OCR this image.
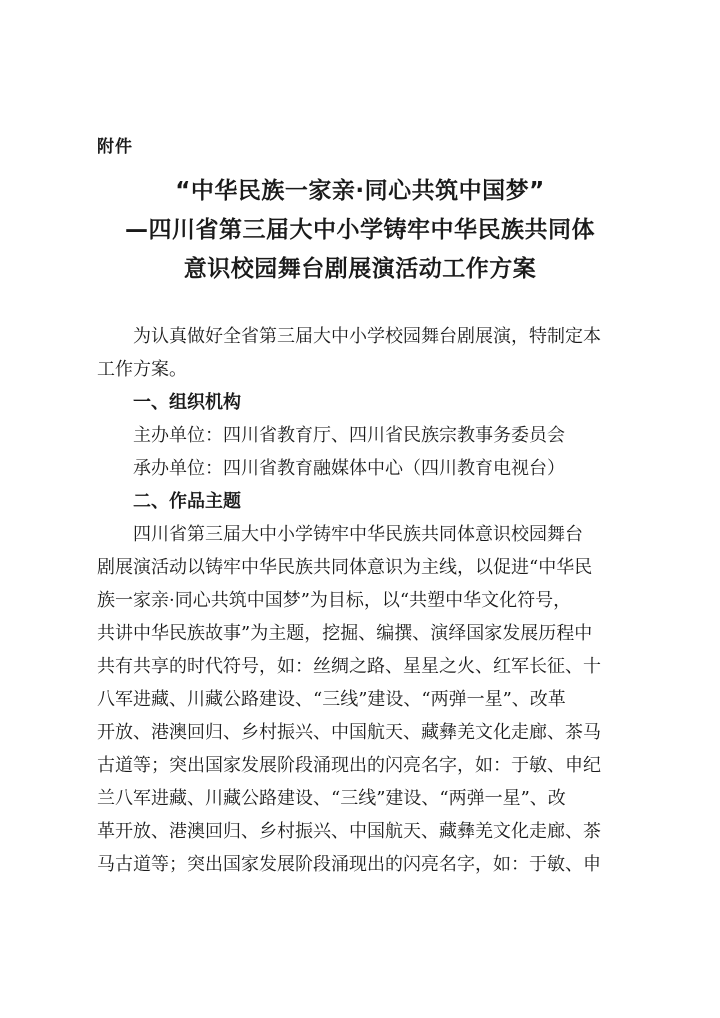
附件
“中华民族一家亲·同心共筑中国梦”
—四川省第三届大中小学铸牢中华民族共同体
意识校园舞台剧展演活动工作方案
为认真做好全省第三届大中小学校园舞台剧展演，特制定本
工作方案。
一、组织机构
主办单位：四川省教育厅、四川省民族宗教事务委员会
承办单位：四川省教育融媒体中心（四川教育电视台）
二、作品主题
四川省第三届大中小学铸牢中华民族共同体意识校园舞台
剧展演活动以铸牢中华民族共同体意识为主线，以促进“中华民
族一家亲·同心共筑中国梦”为目标，以“共塑中华文化符号，
共讲中华民族故事”为主题，挖掘、编撰、演绎国家发展历程中
共有共享的时代符号，如：丝绸之路、星星之火、红军长征、十
八军进藏、川藏公路建设、“三线”建设、“两弹一星”、改革
开放、港澳回归、乡村振兴、中国航天、藏彝羌文化走廊、茶马
古道等；突出国家发展阶段涌现出的闪亮名字，如：于敏、申纪
兰八军进藏、川藏公路建设、“三线”建设、“两弹一星”、改
革开放、港澳回归、乡村振兴、中国航天、藏彝羌文化走廊、茶
马古道等；突出国家发展阶段涌现出的闪亮名字，如：于敏、申
